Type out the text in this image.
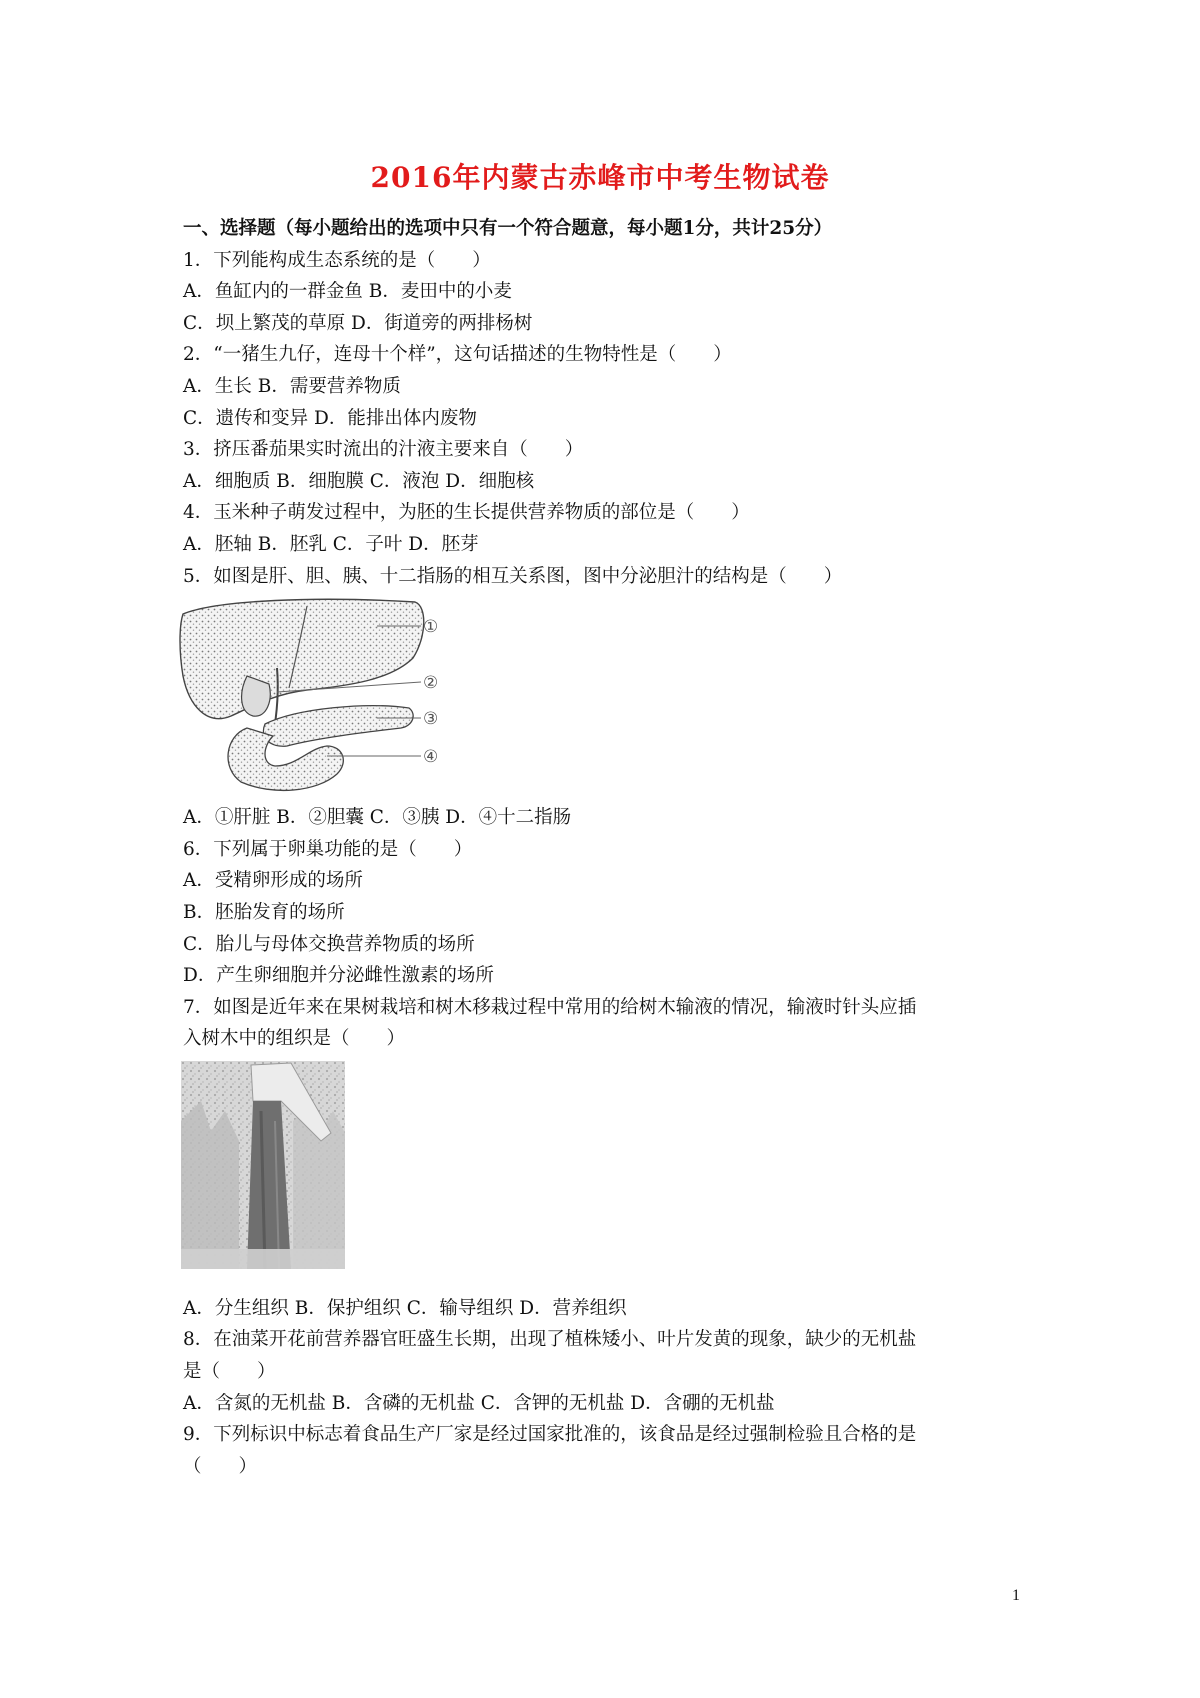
2016年内蒙古赤峰市中考生物试卷
一、选择题（每小题给出的选项中只有一个符合题意，每小题1分，共计25分）
1．下列能构成生态系统的是（　　）
A．鱼缸内的一群金鱼 B．麦田中的小麦
C．坝上繁茂的草原 D．街道旁的两排杨树
2．“一猪生九仔，连母十个样”，这句话描述的生物特性是（　　）
A．生长 B．需要营养物质
C．遗传和变异 D．能排出体内废物
3．挤压番茄果实时流出的汁液主要来自（　　）
A．细胞质 B．细胞膜 C．液泡 D．细胞核
4．玉米种子萌发过程中，为胚的生长提供营养物质的部位是（　　）
A．胚轴 B．胚乳 C．子叶 D．胚芽
5．如图是肝、胆、胰、十二指肠的相互关系图，图中分泌胆汁的结构是（　　）
①
②
③
④
A．①肝脏 B．②胆囊 C．③胰 D．④十二指肠
6．下列属于卵巢功能的是（　　）
A．受精卵形成的场所
B．胚胎发育的场所
C．胎儿与母体交换营养物质的场所
D．产生卵细胞并分泌雌性激素的场所
7．如图是近年来在果树栽培和树木移栽过程中常用的给树木输液的情况，输液时针头应插
入树木中的组织是（　　）
A．分生组织 B．保护组织 C．输导组织 D．营养组织
8．在油菜开花前营养器官旺盛生长期，出现了植株矮小、叶片发黄的现象，缺少的无机盐
是（　　）
A．含氮的无机盐 B．含磷的无机盐 C．含钾的无机盐 D．含硼的无机盐
9．下列标识中标志着食品生产厂家是经过国家批准的，该食品是经过强制检验且合格的是
（　　）
1
